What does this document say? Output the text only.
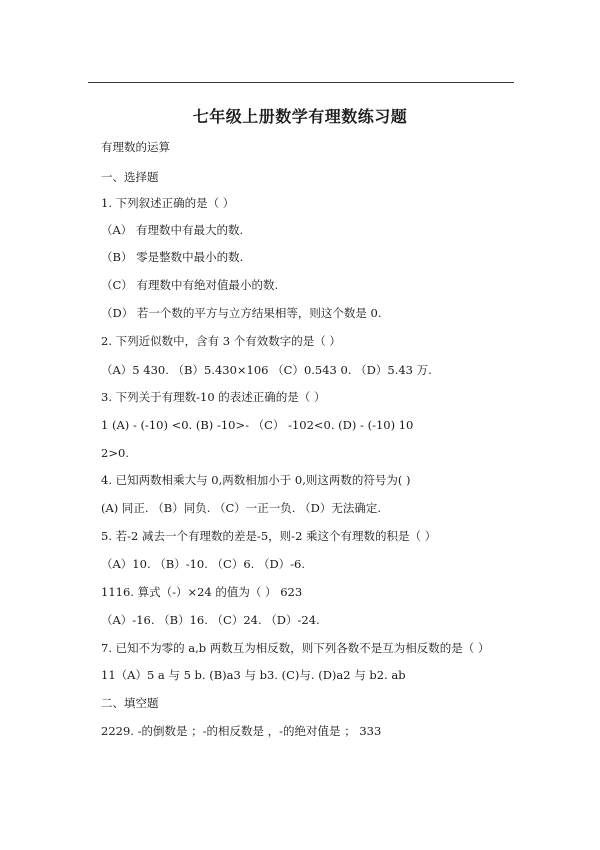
七年级上册数学有理数练习题
有理数的运算
一、选择题
1. 下列叙述正确的是（ ）
（A） 有理数中有最大的数.
（B） 零是整数中最小的数.
（C） 有理数中有绝对值最小的数.
（D） 若一个数的平方与立方结果相等，则这个数是 0.
2. 下列近似数中，含有 3 个有效数字的是（ ）
（A）5 430. （B）5.430×106 （C）0.543 0. （D）5.43 万.
3. 下列关于有理数-10 的表述正确的是（ ）
1 (A) - (-10) <0. (B) -10>- （C） -102<0. (D) - (-10) 10
2>0.
4. 已知两数相乘大与 0,两数相加小于 0,则这两数的符号为( )
(A) 同正. （B）同负. （C）一正一负. （D）无法确定.
5. 若-2 减去一个有理数的差是-5，则-2 乘这个有理数的积是（ ）
（A）10. （B）-10. （C）6. （D）-6.
1116. 算式（-）×24 的值为（ ） 623
（A）-16. （B）16. （C）24. （D）-24.
7. 已知不为零的 a,b 两数互为相反数，则下列各数不是互为相反数的是（ ）
11（A）5 a 与 5 b. (B)a3 与 b3. (C)与. (D)a2 与 b2. ab
二、填空题
2229. -的倒数是 ；-的相反数是 ，-的绝对值是 ； 333
